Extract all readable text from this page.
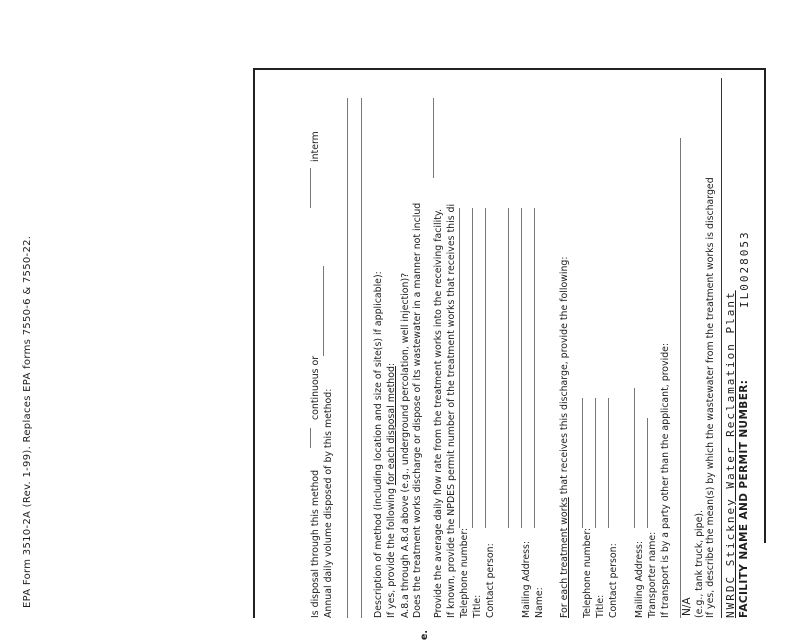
FACILITY NAME AND PERMIT NUMBER:
IL0028053
NWRDC Stickney Water Reclamation Plant
If yes, describe the mean(s) by which the wastewater from the treatment works is discharged
(e.g., tank truck, pipe).
N/A
If transport is by a party other than the applicant, provide:
Transporter name:
Mailing Address:
Contact person:
Title:
Telephone number:
For each treatment works that receives this discharge, provide the following:
Name:
Mailing Address:
Contact person:
Title:
Telephone number:
If known, provide the NPDES permit number of the treatment works that receives this di
Provide the average daily flow rate from the treatment works into the receiving facility.
e.
Does the treatment works discharge or dispose of its wastewater in a manner not includ
A.8.a through A.8.d above (e.g., underground percolation, well injection)?
If yes, provide the following for each disposal method:
Description of method (including location and size of site(s) if applicable):
Annual daily volume disposed of by this method:
Is disposal through this method
continuous or
interm
EPA Form 3510-2A (Rev. 1-99). Replaces EPA forms 7550-6 & 7550-22.
